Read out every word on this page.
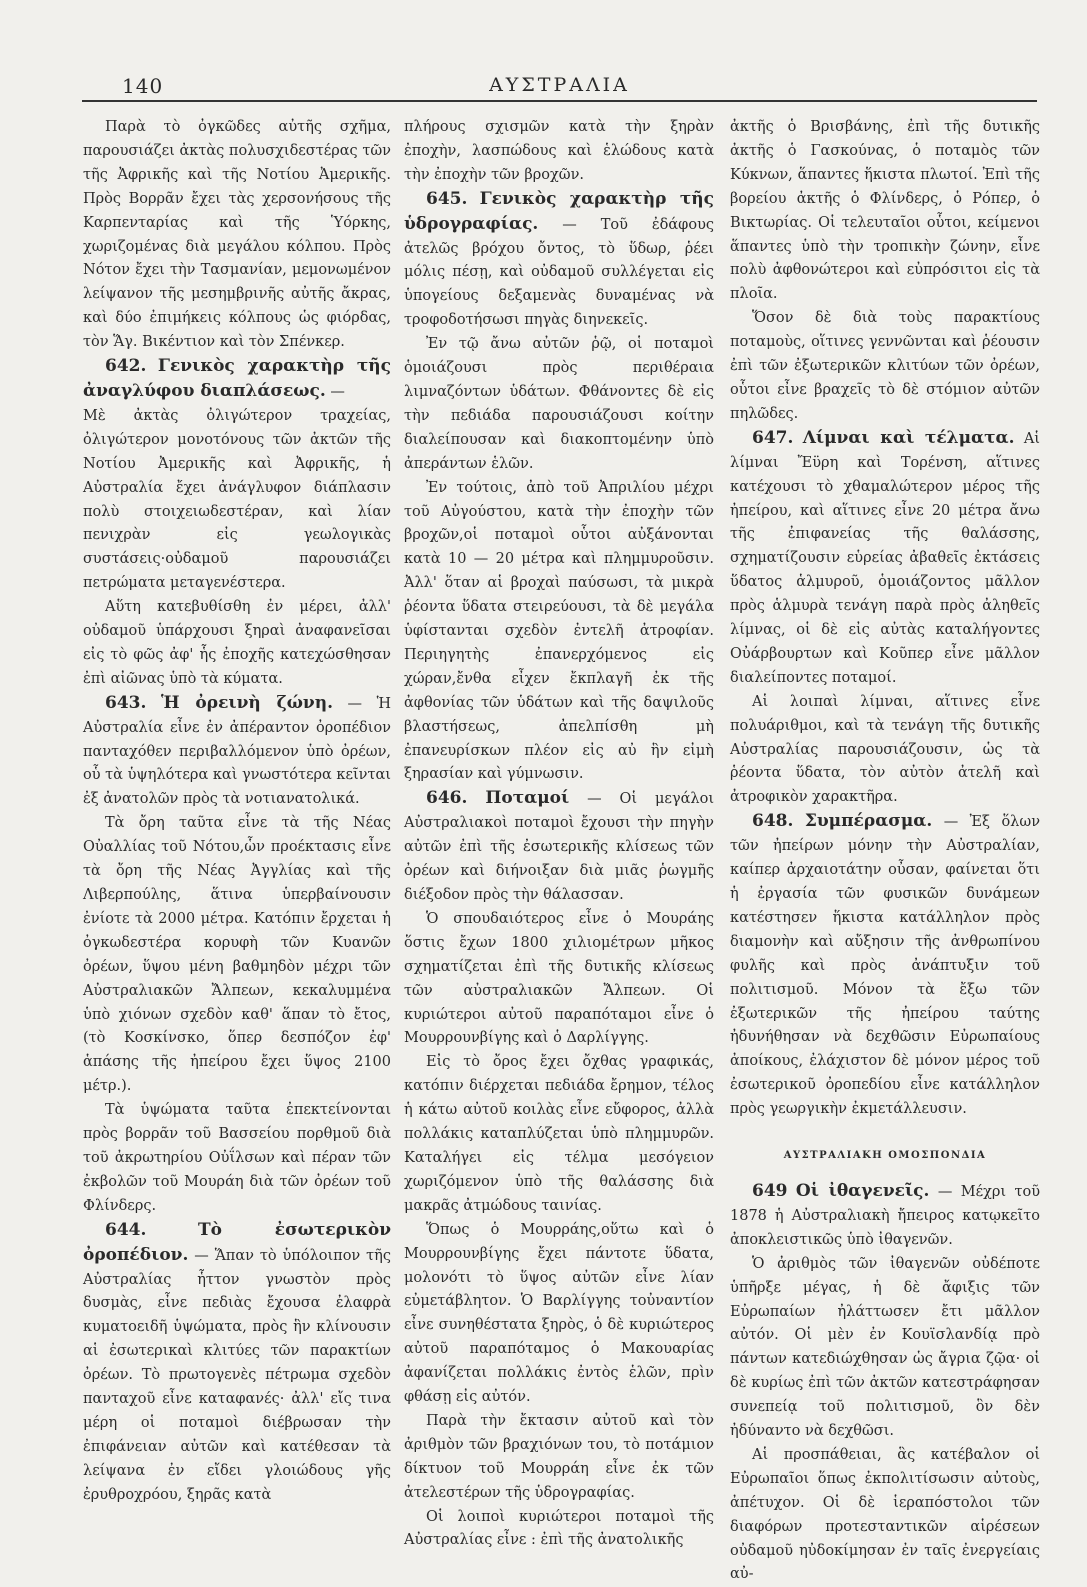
140	ΑΥΣΤΡΑΛΙΑ

Παρὰ τὸ ὀγκῶδες αὐτῆς σχῆμα, παρουσιάζει ἀκτὰς πολυσχιδεστέρας τῶν τῆς Ἀφρικῆς καὶ τῆς Νοτίου Ἀμερικῆς. Πρὸς Βορρᾶν ἔχει τὰς χερσονήσους τῆς Καρπενταρίας καὶ τῆς Ὑόρκης, χωριζομένας διὰ μεγάλου κόλπου. Πρὸς Νότον ἔχει τὴν Τασμανίαν, μεμονωμένον λείψανον τῆς μεσημβρινῆς αὐτῆς ἄκρας, καὶ δύο ἐπιμήκεις κόλπους ὡς φιόρδας, τὸν Ἅγ. Βικέντιον καὶ τὸν Σπένκερ.

642. Γενικὸς χαρακτὴρ τῆς ἀναγλύφου διαπλάσεως. —

Μὲ ἀκτὰς ὀλιγώτερον τραχείας, ὀλιγώτερον μονοτόνους τῶν ἀκτῶν τῆς Νοτίου Ἀμερικῆς καὶ Ἀφρικῆς, ἡ Αὐστραλία ἔχει ἀνάγλυφον διάπλασιν πολὺ στοιχειωδεστέραν, καὶ λίαν πενιχρὰν εἰς γεωλογικὰς συστάσεις·οὐδαμοῦ παρουσιάζει πετρώματα μεταγενέστερα.

Αὕτη κατεβυθίσθη ἐν μέρει, ἀλλ' οὐδαμοῦ ὑπάρχουσι ξηραὶ ἀναφανεῖσαι εἰς τὸ φῶς ἀφ' ἧς ἐποχῆς κατεχώσθησαν ἐπὶ αἰῶνας ὑπὸ τὰ κύματα.

643. Ἡ ὀρεινὴ ζώνη. — Ἡ Αὐστραλία εἶνε ἐν ἀπέραντον ὀροπέδιον πανταχόθεν περιβαλλόμενον ὑπὸ ὀρέων, οὗ τὰ ὑψηλότερα καὶ γνωστότερα κεῖνται ἐξ ἀνατολῶν πρὸς τὰ νοτιανατολικά.

Τὰ ὄρη ταῦτα εἶνε τὰ τῆς Νέας Οὐαλλίας τοῦ Νότου,ὧν προέκτασις εἶνε τὰ ὄρη τῆς Νέας Ἀγγλίας καὶ τῆς Λιβερπούλης, ἅτινα ὑπερβαίνουσιν ἐνίοτε τὰ 2000 μέτρα. Κατόπιν ἔρχεται ἡ ὀγκωδεστέρα κορυφὴ τῶν Κυανῶν ὀρέων, ὕψου μένη βαθμηδὸν μέχρι τῶν Αὐστραλιακῶν Ἄλπεων, κεκαλυμμένα ὑπὸ χιόνων σχεδὸν καθ' ἅπαν τὸ ἔτος, (τὸ Κοσκίνσκο, ὅπερ δεσπόζον ἐφ' ἁπάσης τῆς ἠπείρου ἔχει ὕψος 2100 μέτρ.).

Τὰ ὑψώματα ταῦτα ἐπεκτείνονται πρὸς βορρᾶν τοῦ Βασσείου πορθμοῦ διὰ τοῦ ἀκρωτηρίου Οὐΐλσων καὶ πέραν τῶν ἐκβολῶν τοῦ Μουράη διὰ τῶν ὀρέων τοῦ Φλίνδερς.

644.	Τὸ ἐσωτερικὸν ὀροπέδιον. — Ἅπαν τὸ ὑπόλοιπον τῆς Αὐστραλίας ἧττον γνωστὸν πρὸς δυσμὰς, εἶνε πεδιὰς ἔχουσα ἐλαφρὰ κυματοειδῆ ὑψώματα, πρὸς ἣν κλίνουσιν αἱ ἐσωτερικαὶ κλιτύες τῶν παρακτίων ὀρέων. Τὸ πρωτογενὲς πέτρωμα σχεδὸν πανταχοῦ εἶνε καταφανές· ἀλλ' εἴς τινα μέρη οἱ ποταμοὶ διέβρωσαν τὴν ἐπιφάνειαν αὐτῶν καὶ κατέθεσαν τὰ λείψανα ἐν εἴδει γλοιώδους γῆς ἐρυθροχρόου, ξηρᾶς κατὰ

πλήρους σχισμῶν κατὰ τὴν ξηρὰν ἐποχὴν, λασπώδους καὶ ἑλώδους κατὰ τὴν ἐποχὴν τῶν βροχῶν.

645. Γενικὸς χαρακτὴρ τῆς ὑδρογραφίας. — Τοῦ ἐδάφους ἀτελῶς βρόχου ὄντος, τὸ ὕδωρ, ῥέει μόλις πέσῃ, καὶ οὐδαμοῦ συλλέγεται εἰς ὑπογείους δεξαμενὰς δυναμένας νὰ τροφοδοτήσωσι πηγὰς διηνεκεῖς.

Ἐν τῷ ἄνω αὐτῶν ῥῷ, οἱ ποταμοὶ ὁμοιάζουσι πρὸς περιθέραια λιμναζόντων ὑδάτων. Φθάνοντες δὲ εἰς τὴν πεδιάδα παρουσιάζουσι κοίτην διαλείπουσαν καὶ διακοπτομένην ὑπὸ ἀπεράντων ἑλῶν.

Ἐν τούτοις, ἀπὸ τοῦ Ἀπριλίου μέχρι τοῦ Αὐγούστου, κατὰ τὴν ἐποχὴν τῶν βροχῶν,οἱ ποταμοὶ οὗτοι αὐξάνονται κατὰ 10 — 20 μέτρα καὶ πλημμυροῦσιν. Ἀλλ' ὅταν αἱ βροχαὶ παύσωσι, τὰ μικρὰ ῥέοντα ὕδατα στειρεύουσι, τὰ δὲ μεγάλα ὑφίστανται σχεδὸν ἐντελῆ ἀτροφίαν. Περιηγητὴς ἐπανερχόμενος εἰς χώραν,ἔνθα εἶχεν ἔκπλαγῆ ἐκ τῆς ἀφθονίας τῶν ὑδάτων καὶ τῆς δαψιλοῦς βλαστήσεως, ἀπελπίσθη μὴ ἐπανευρίσκων πλέον εἰς αὐ ἣν εἰμὴ ξηρασίαν καὶ γύμνωσιν.

646. Ποταμοί — Οἱ μεγάλοι Αὐστραλιακοὶ ποταμοὶ ἔχουσι τὴν πηγὴν αὐτῶν ἐπὶ τῆς ἐσωτερικῆς κλίσεως τῶν ὀρέων καὶ διήνοιξαν διὰ μιᾶς ῥωγμῆς διέξοδον πρὸς τὴν θάλασσαν.

Ὁ σπουδαιότερος εἶνε ὁ Μουράης ὅστις ἔχων 1800 χιλιομέτρων μῆκος σχηματίζεται ἐπὶ τῆς δυτικῆς κλίσεως τῶν αὐστραλιακῶν Ἄλπεων. Οἱ κυριώτεροι αὐτοῦ παραπόταμοι εἶνε ὁ Μουρρουνβίγης καὶ ὁ Δαρλίγγης.

Εἰς τὸ ὄρος ἔχει ὄχθας γραφικάς, κατόπιν διέρχεται πεδιάδα ἔρημον, τέλος ἡ κάτω αὐτοῦ κοιλὰς εἶνε εὔφορος, ἀλλὰ πολλάκις καταπλύζεται ὑπὸ πλημμυρῶν. Καταλήγει εἰς τέλμα μεσόγειον χωριζόμενον ὑπὸ τῆς θαλάσσης διὰ μακρᾶς ἀτμώδους ταινίας.

Ὅπως ὁ Μουρράης,οὕτω καὶ ὁ Μουρρουνβίγης ἔχει πάντοτε ὕδατα, μολονότι τὸ ὕψος αὐτῶν εἶνε λίαν εὐμετάβλητον. Ὁ Βαρλίγγης τοὐναντίον εἶνε συνηθέστατα ξηρὸς, ὁ δὲ κυριώτερος αὐτοῦ παραπόταμος ὁ Μακουαρίας ἀφανίζεται πολλάκις ἐντὸς ἑλῶν, πρὶν φθάσῃ εἰς αὐτόν.

Παρὰ τὴν ἔκτασιν αὐτοῦ καὶ τὸν ἀριθμὸν τῶν βραχιόνων του, τὸ ποτάμιον δίκτυον τοῦ Μουρράη εἶνε ἐκ τῶν ἀτελεστέρων τῆς ὑδρογραφίας.

Οἱ λοιποὶ κυριώτεροι ποταμοὶ τῆς Αὐστραλίας εἶνε : ἐπὶ τῆς ἀνατολικῆς

ἀκτῆς ὁ Βρισβάνης, ἐπὶ τῆς δυτικῆς ἀκτῆς ὁ Γασκούνας, ὁ ποταμὸς τῶν Κύκνων, ἅπαντες ἥκιστα πλωτοί. Ἐπὶ τῆς βορείου ἀκτῆς ὁ Φλίνδερς, ὁ Ρόπερ, ὁ Βικτωρίας. Οἱ τελευταῖοι οὗτοι, κείμενοι ἅπαντες ὑπὸ τὴν τροπικὴν ζώνην, εἶνε πολὺ ἀφθονώτεροι καὶ εὐπρόσιτοι εἰς τὰ πλοῖα.

Ὅσον δὲ διὰ τοὺς παρακτίους ποταμοὺς, οἵτινες γεννῶνται καὶ ῥέουσιν ἐπὶ τῶν ἐξωτερικῶν κλιτύων τῶν ὀρέων, οὗτοι εἶνε βραχεῖς τὸ δὲ στόμιον αὐτῶν πηλῶδες.

647. Λίμναι καὶ τέλματα. Αἱ λίμναι Ἔϋρη καὶ Τορένση, αἵτινες κατέχουσι τὸ χθαμαλώτερον μέρος τῆς ἠπείρου, καὶ αἵτινες εἶνε 20 μέτρα ἄνω τῆς ἐπιφανείας τῆς θαλάσσης, σχηματίζουσιν εὑρείας ἀβαθεῖς ἐκτάσεις ὕδατος ἁλμυροῦ, ὁμοιάζοντος μᾶλλον πρὸς ἁλμυρὰ τενάγη παρὰ πρὸς ἀληθεῖς λίμνας, οἱ δὲ εἰς αὐτὰς καταλήγοντες Οὐάρβουρτων καὶ Κοῦπερ εἶνε μᾶλλον διαλείποντες ποταμοί.

Αἱ λοιπαὶ λίμναι, αἵτινες εἶνε πολυάριθμοι, καὶ τὰ τενάγη τῆς δυτικῆς Αὐστραλίας παρουσιάζουσιν, ὡς τὰ ῥέοντα ὕδατα, τὸν αὐτὸν ἀτελῆ καὶ ἀτροφικὸν χαρακτῆρα.

648. Συμπέρασμα. — Ἐξ ὅλων τῶν ἠπείρων μόνην τὴν Αὐστραλίαν, καίπερ ἀρχαιοτάτην οὖσαν, φαίνεται ὅτι ἡ ἐργασία τῶν φυσικῶν δυνάμεων κατέστησεν ἥκιστα κατάλληλον πρὸς διαμονὴν καὶ αὔξησιν τῆς ἀνθρωπίνου φυλῆς καὶ πρὸς ἀνάπτυξιν τοῦ πολιτισμοῦ. Μόνον τὰ ἔξω τῶν ἐξωτερικῶν τῆς ἠπείρου ταύτης ἠδυνήθησαν νὰ δεχθῶσιν Εὐρωπαίους ἀποίκους, ἐλάχιστον δὲ μόνον μέρος τοῦ ἐσωτερικοῦ ὀροπεδίου εἶνε κατάλληλον πρὸς γεωργικὴν ἐκμετάλλευσιν.

ΑΥΣΤΡΑΛΙΑΚΗ ΟΜΟΣΠΟΝΔΙΑ

649 Οἱ ἰθαγενεῖς. — Μέχρι τοῦ 1878 ἡ Αὐστραλιακὴ ἤπειρος κατῳκεῖτο ἀποκλειστικῶς ὑπὸ ἰθαγενῶν.

Ὁ ἀριθμὸς τῶν ἰθαγενῶν οὐδέποτε ὑπῆρξε μέγας, ἡ δὲ ἄφιξις τῶν Εὐρωπαίων ἠλάττωσεν ἔτι μᾶλλον αὐτόν. Οἱ μὲν ἐν Κουϊσλανδίᾳ πρὸ πάντων κατεδιώχθησαν ὡς ἄγρια ζῷα· οἱ δὲ κυρίως ἐπὶ τῶν ἀκτῶν κατεστράφησαν συνεπείᾳ τοῦ πολιτισμοῦ, ὃν δὲν ἠδύναντο νὰ δεχθῶσι.

Αἱ προσπάθειαι, ἃς κατέβαλον οἱ Εὐρωπαῖοι ὅπως ἐκπολιτίσωσιν αὐτοὺς, ἀπέτυχον. Οἱ δὲ ἱεραπόστολοι τῶν διαφόρων προτεσταντικῶν αἱρέσεων οὐδαμοῦ ηὐδοκίμησαν ἐν ταῖς ἐνεργείαις αὐ-
